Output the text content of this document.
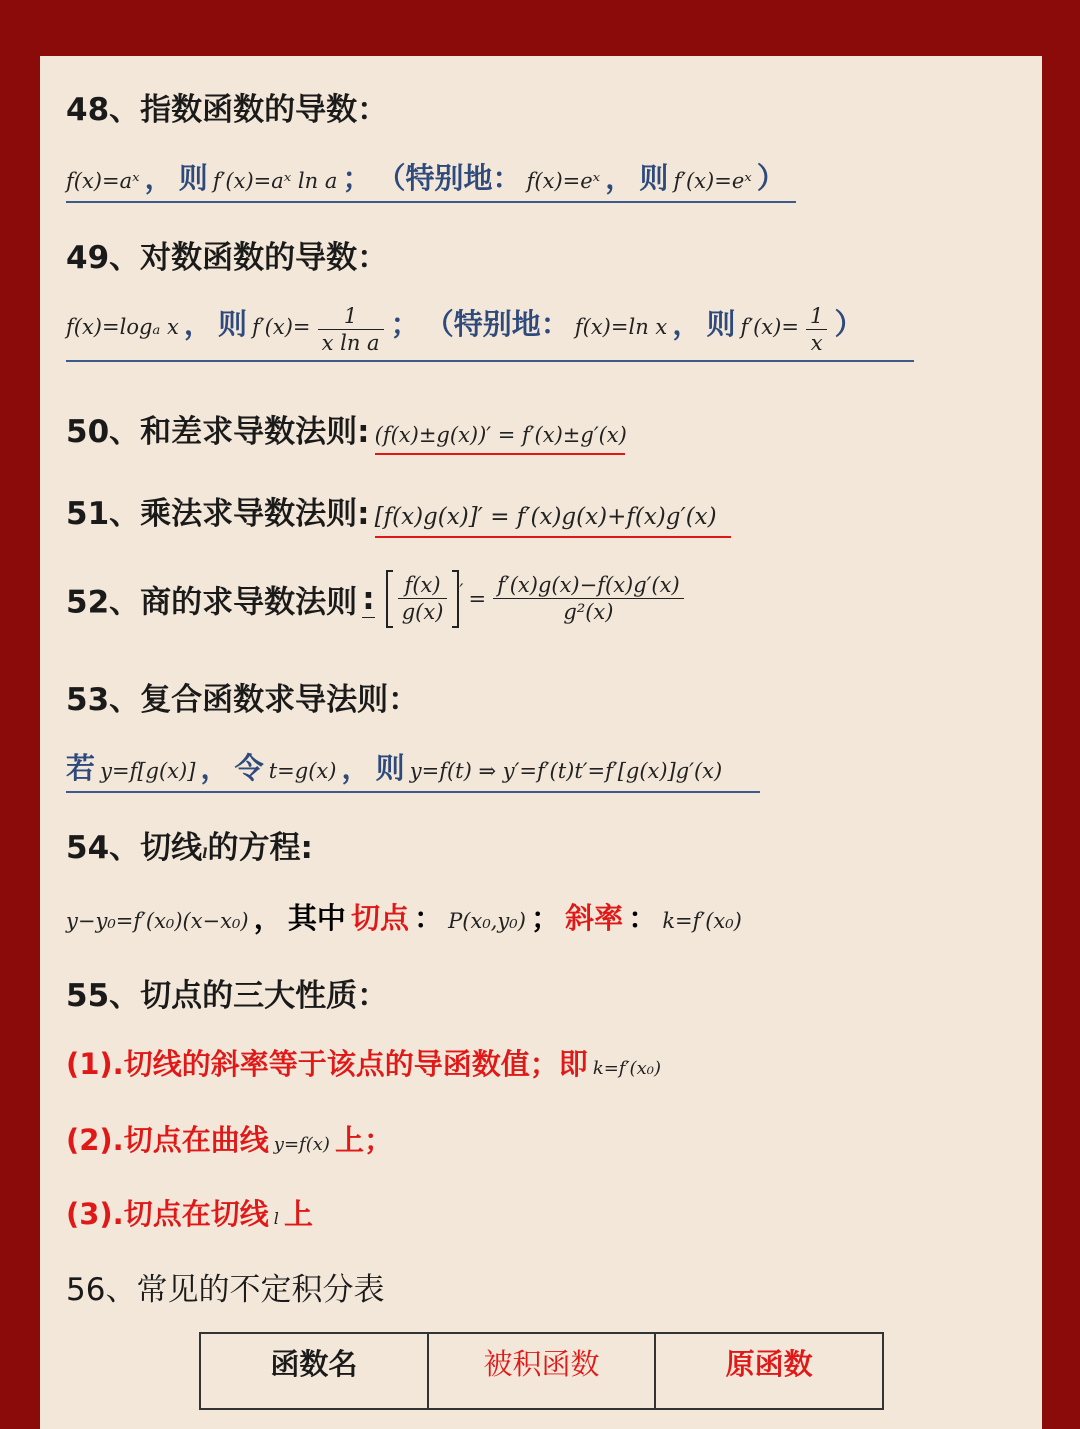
48、指数函数的导数：
f(x)=aˣ ， 则 f′(x)=aˣ ln a ； （特别地： f(x)=eˣ ， 则 f′(x)=eˣ ）
49、对数函数的导数：
f(x)=logₐ x ， 则 $f'(x)= \frac{1}{\text{x ln a}}$ ； （特别地： f(x)=ln x ， 则 $f'(x)= \frac{1}{x}$ ）
50、和差求导数法则: (f(x)±g(x))′ = f′(x)±g′(x)
51、乘法求导数法则: [f(x)g(x)]′ = f′(x)g(x)+f(x)g′(x)
52、商的求导数法则 : $\frac{f(x)}{g(x)} ' = \frac{f'(x)g(x)-f(x)g'(x)}{\text{g²(x)}}$
53、复合函数求导法则：
若 y=f[g(x)] ， 令 t=g(x) ， 则 y=f(t) ⇒ y′=f′(t)t′=f′[g(x)]g′(x)
54、切线l的方程:
y−y₀=f′(x₀)(x−x₀) ， 其中 切点 ： P(x₀,y₀) ； 斜率 ： k=f′(x₀)
55、切点的三大性质：
(1).切线的斜率等于该点的导函数值；即 k=f′(x₀)
(2).切点在曲线 y=f(x) 上；
(3).切点在切线 l 上
56、常见的不定积分表
函数名	被积函数	原函数
